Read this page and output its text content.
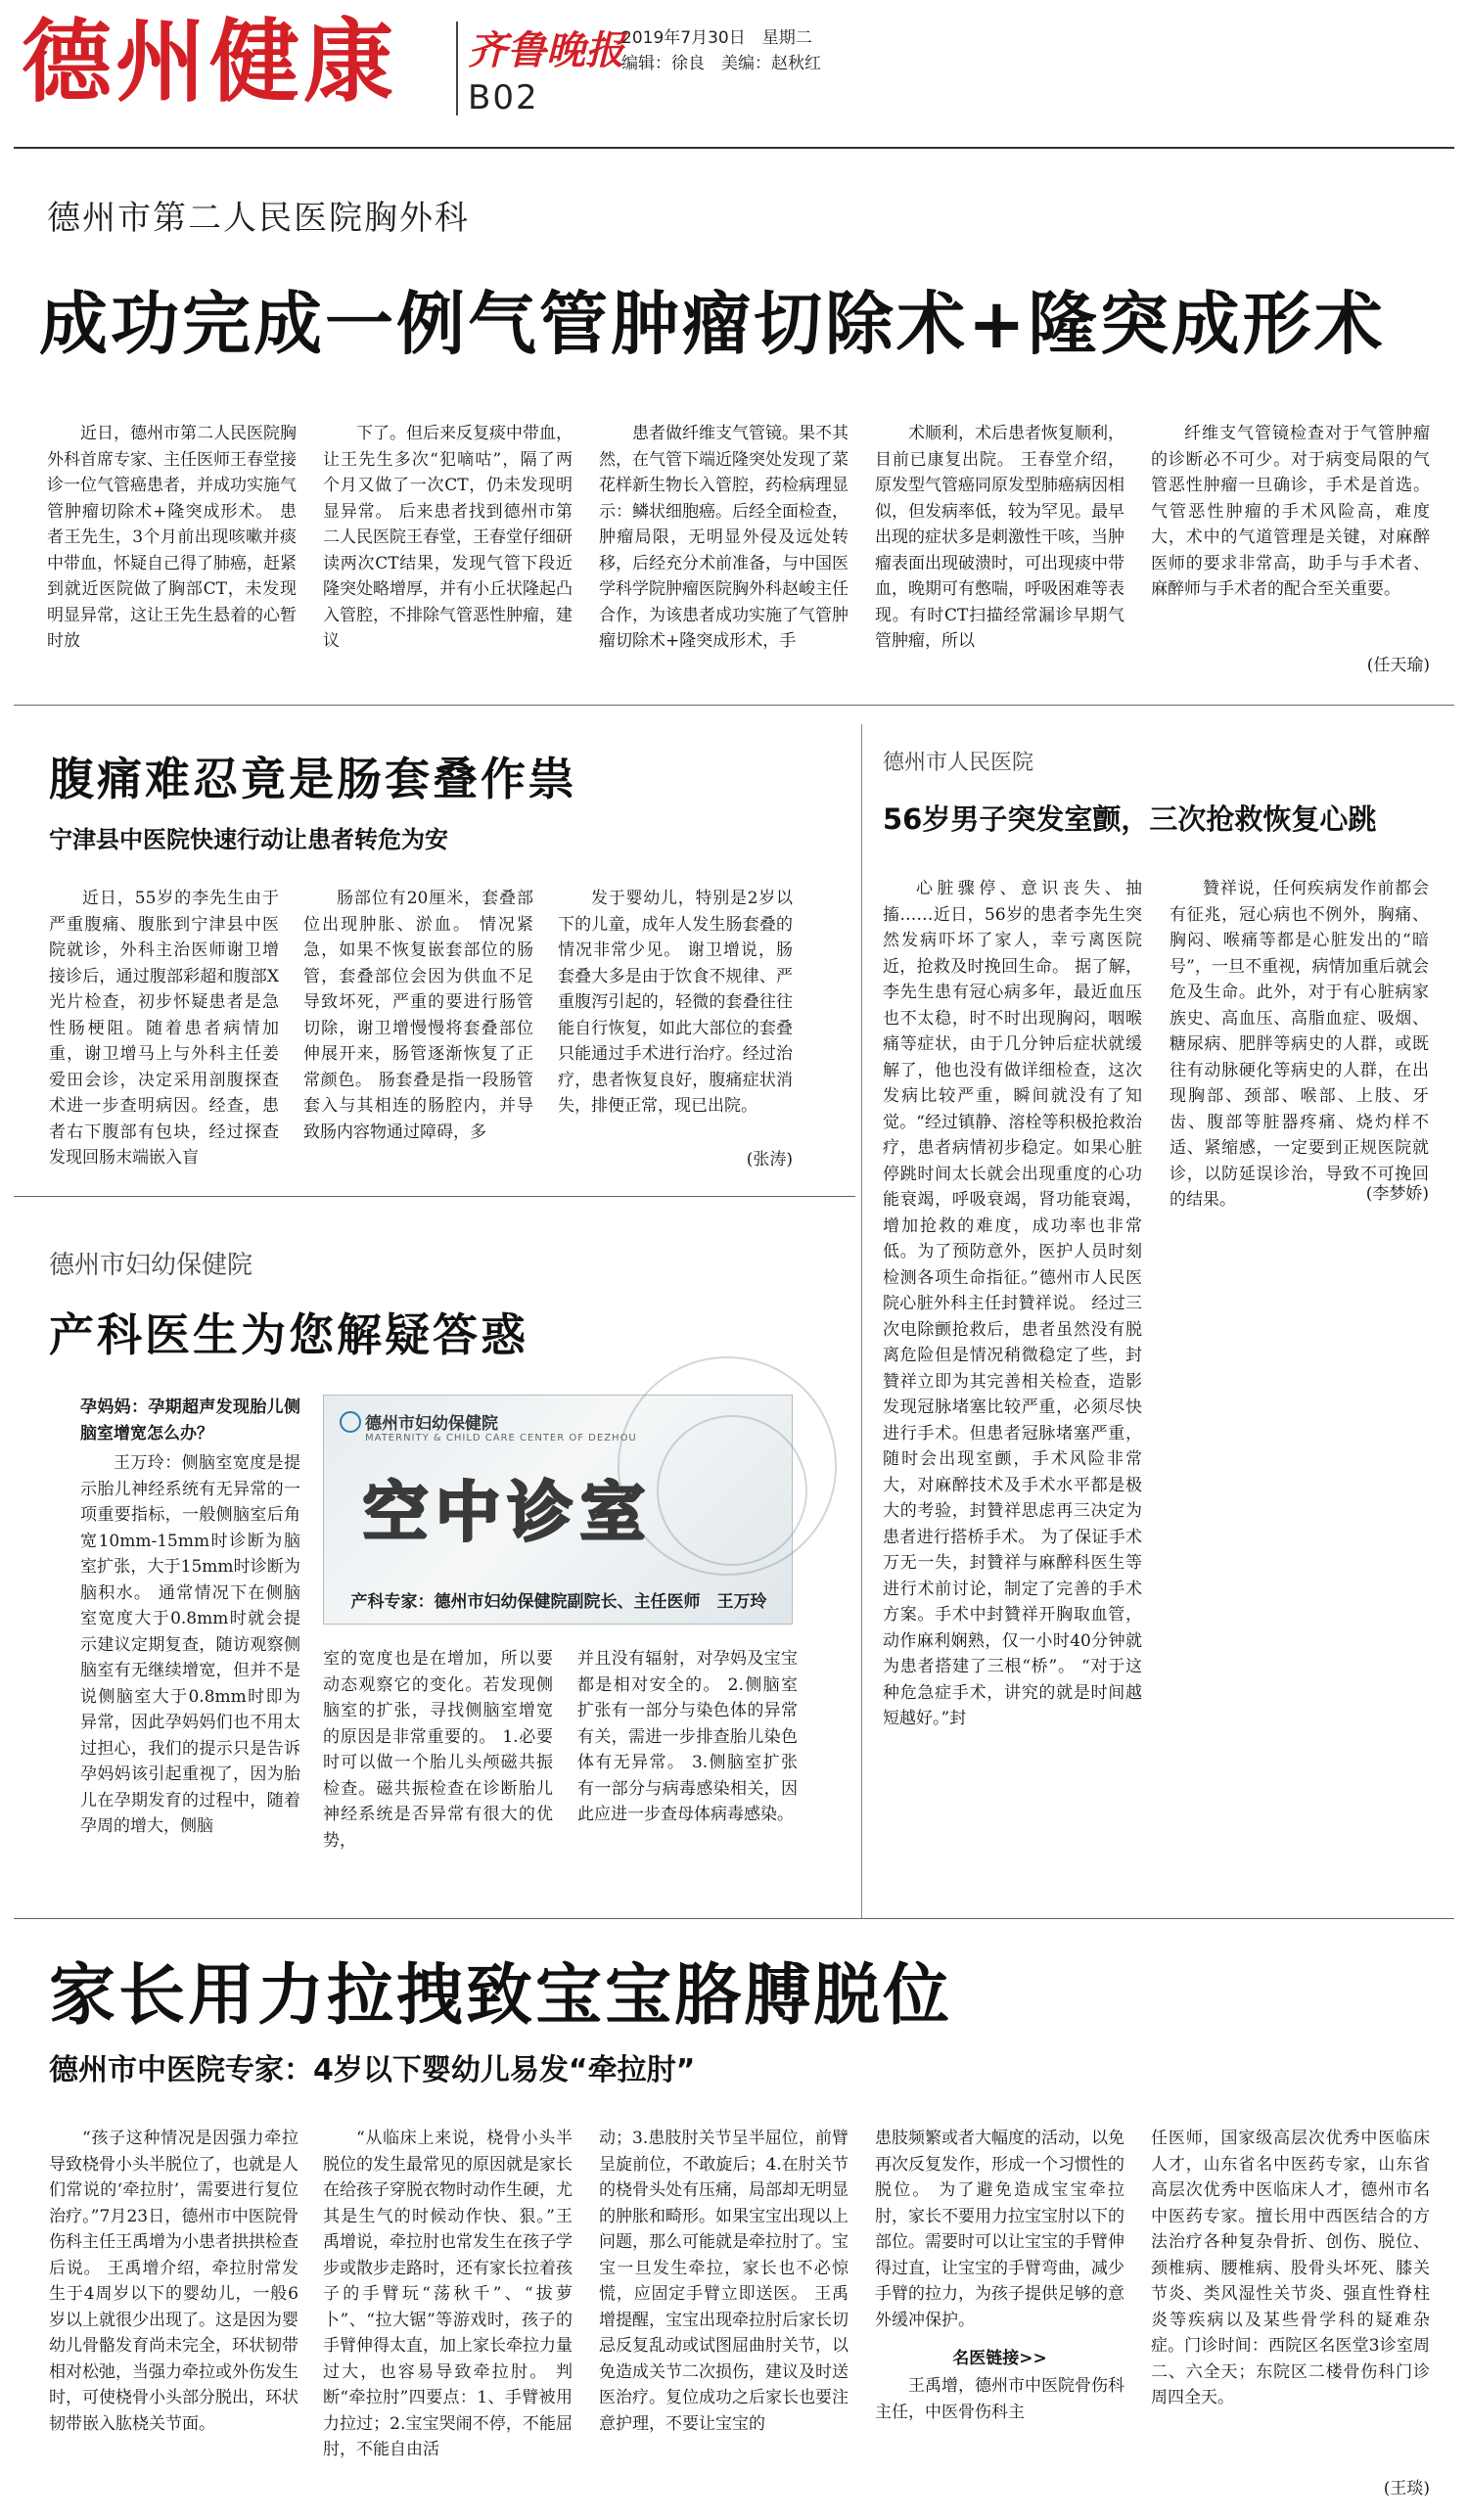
德州健康 齐鲁晚报
B02
2019年7月30日　星期二
编辑：徐良　美编：赵秋红
德州市第二人民医院胸外科
成功完成一例气管肿瘤切除术+隆突成形术
近日，德州市第二人民医院胸外科首席专家、主任医师王春堂接诊一位气管癌患者，并成功实施气管肿瘤切除术+隆突成形术。 患者王先生，3个月前出现咳嗽并痰中带血，怀疑自己得了肺癌，赶紧到就近医院做了胸部CT，未发现明显异常，这让王先生悬着的心暂时放
下了。但后来反复痰中带血，让王先生多次“犯嘀咕”，隔了两个月又做了一次CT，仍未发现明显异常。 后来患者找到德州市第二人民医院王春堂，王春堂仔细研读两次CT结果，发现气管下段近隆突处略增厚，并有小丘状隆起凸入管腔，不排除气管恶性肿瘤，建议
患者做纤维支气管镜。果不其然，在气管下端近隆突处发现了菜花样新生物长入管腔，药检病理显示：鳞状细胞癌。后经全面检查，肿瘤局限，无明显外侵及远处转移，后经充分术前准备，与中国医学科学院肿瘤医院胸外科赵峻主任合作，为该患者成功实施了气管肿瘤切除术+隆突成形术，手
术顺利，术后患者恢复顺利，目前已康复出院。 王春堂介绍，原发型气管癌同原发型肺癌病因相似，但发病率低，较为罕见。最早出现的症状多是刺激性干咳，当肿瘤表面出现破溃时，可出现痰中带血，晚期可有憋喘，呼吸困难等表现。有时CT扫描经常漏诊早期气管肿瘤，所以
纤维支气管镜检查对于气管肿瘤的诊断必不可少。对于病变局限的气管恶性肿瘤一旦确诊，手术是首选。 气管恶性肿瘤的手术风险高，难度大，术中的气道管理是关键，对麻醉医师的要求非常高，助手与手术者、麻醉师与手术者的配合至关重要。
(任天瑜)
腹痛难忍竟是肠套叠作祟
宁津县中医院快速行动让患者转危为安
近日，55岁的李先生由于严重腹痛、腹胀到宁津县中医院就诊，外科主治医师谢卫增接诊后，通过腹部彩超和腹部X光片检查，初步怀疑患者是急性肠梗阻。随着患者病情加重，谢卫增马上与外科主任姜爱田会诊，决定采用剖腹探查术进一步查明病因。经查，患者右下腹部有包块，经过探查发现回肠末端嵌入盲
肠部位有20厘米，套叠部位出现肿胀、淤血。 情况紧急，如果不恢复嵌套部位的肠管，套叠部位会因为供血不足导致坏死，严重的要进行肠管切除，谢卫增慢慢将套叠部位伸展开来，肠管逐渐恢复了正常颜色。 肠套叠是指一段肠管套入与其相连的肠腔内，并导致肠内容物通过障碍，多
发于婴幼儿，特别是2岁以下的儿童，成年人发生肠套叠的情况非常少见。 谢卫增说，肠套叠大多是由于饮食不规律、严重腹泻引起的，轻微的套叠往往能自行恢复，如此大部位的套叠只能通过手术进行治疗。经过治疗，患者恢复良好，腹痛症状消失，排便正常，现已出院。
(张涛)
德州市人民医院
56岁男子突发室颤，三次抢救恢复心跳
心脏骤停、意识丧失、抽搐……近日，56岁的患者李先生突然发病吓坏了家人，幸亏离医院近，抢救及时挽回生命。 据了解，李先生患有冠心病多年，最近血压也不太稳，时不时出现胸闷，咽喉痛等症状，由于几分钟后症状就缓解了，他也没有做详细检查，这次发病比较严重，瞬间就没有了知觉。“经过镇静、溶栓等积极抢救治疗，患者病情初步稳定。如果心脏停跳时间太长就会出现重度的心功能衰竭，呼吸衰竭，肾功能衰竭，增加抢救的难度，成功率也非常低。为了预防意外，医护人员时刻检测各项生命指征。”德州市人民医院心脏外科主任封贊祥说。 经过三次电除颤抢救后，患者虽然没有脱离危险但是情况稍微稳定了些，封贊祥立即为其完善相关检查，造影发现冠脉堵塞比较严重，必须尽快进行手术。但患者冠脉堵塞严重，随时会出现室颤，手术风险非常大，对麻醉技术及手术水平都是极大的考验，封贊祥思虑再三决定为患者进行搭桥手术。 为了保证手术万无一失，封贊祥与麻醉科医生等进行术前讨论，制定了完善的手术方案。手术中封贊祥开胸取血管，动作麻利娴熟，仅一小时40分钟就为患者搭建了三根“桥”。 “对于这种危急症手术，讲究的就是时间越短越好。”封
贊祥说，任何疾病发作前都会有征兆，冠心病也不例外，胸痛、胸闷、喉痛等都是心脏发出的“暗号”，一旦不重视，病情加重后就会危及生命。此外，对于有心脏病家族史、高血压、高脂血症、吸烟、糖尿病、肥胖等病史的人群，或既往有动脉硬化等病史的人群，在出现胸部、颈部、喉部、上肢、牙齿、腹部等脏器疼痛、烧灼样不适、紧缩感，一定要到正规医院就诊，以防延误诊治，导致不可挽回的结果。	(李梦娇)
德州市妇幼保健院
产科医生为您解疑答惑
孕妈妈：孕期超声发现胎儿侧脑室增宽怎么办？
王万玲：侧脑室宽度是提示胎儿神经系统有无异常的一项重要指标，一般侧脑室后角宽10mm-15mm时诊断为脑室扩张，大于15mm时诊断为脑积水。 通常情况下在侧脑室宽度大于0.8mm时就会提示建议定期复查，随访观察侧脑室有无继续增宽，但并不是说侧脑室大于0.8mm时即为异常，因此孕妈妈们也不用太过担心，我们的提示只是告诉孕妈妈该引起重视了，因为胎儿在孕期发育的过程中，随着孕周的增大，侧脑
德州市妇幼保健院
MATERNITY & CHILD CARE CENTER OF DEZHOU
空中诊室
产科专家：德州市妇幼保健院副院长、主任医师　王万玲
室的宽度也是在增加，所以要动态观察它的变化。若发现侧脑室的扩张，寻找侧脑室增宽的原因是非常重要的。 1.必要时可以做一个胎儿头颅磁共振检查。磁共振检查在诊断胎儿神经系统是否异常有很大的优势，
并且没有辐射，对孕妈及宝宝都是相对安全的。 2.侧脑室扩张有一部分与染色体的异常有关，需进一步排查胎儿染色体有无异常。 3.侧脑室扩张有一部分与病毒感染相关，因此应进一步查母体病毒感染。
家长用力拉拽致宝宝胳膊脱位
德州市中医院专家：4岁以下婴幼儿易发“牵拉肘”
“孩子这种情况是因强力牵拉导致桡骨小头半脱位了，也就是人们常说的‘牵拉肘’，需要进行复位治疗。”7月23日，德州市中医院骨伤科主任王禹增为小患者拱拱检查后说。 王禹增介绍，牵拉肘常发生于4周岁以下的婴幼儿，一般6岁以上就很少出现了。这是因为婴幼儿骨骼发育尚未完全，环状韧带相对松弛，当强力牵拉或外伤发生时，可使桡骨小头部分脱出，环状韧带嵌入肱桡关节面。
“从临床上来说，桡骨小头半脱位的发生最常见的原因就是家长在给孩子穿脱衣物时动作生硬，尤其是生气的时候动作快、狠。”王禹增说，牵拉肘也常发生在孩子学步或散步走路时，还有家长拉着孩子的手臂玩“荡秋千”、“拔萝卜”、“拉大锯”等游戏时，孩子的手臂伸得太直，加上家长牵拉力量过大，也容易导致牵拉肘。 判断“牵拉肘”四要点：1、手臂被用力拉过；2.宝宝哭闹不停，不能屈肘，不能自由活
动；3.患肢肘关节呈半屈位，前臂呈旋前位，不敢旋后；4.在肘关节的桡骨头处有压痛，局部却无明显的肿胀和畸形。如果宝宝出现以上问题，那么可能就是牵拉肘了。宝宝一旦发生牵拉，家长也不必惊慌，应固定手臂立即送医。 王禹增提醒，宝宝出现牵拉肘后家长切忌反复乱动或试图屈曲肘关节，以免造成关节二次损伤，建议及时送医治疗。复位成功之后家长也要注意护理，不要让宝宝的
患肢频繁或者大幅度的活动，以免再次反复发作，形成一个习惯性的脱位。 为了避免造成宝宝牵拉肘，家长不要用力拉宝宝肘以下的部位。需要时可以让宝宝的手臂伸得过直，让宝宝的手臂弯曲，减少手臂的拉力，为孩子提供足够的意外缓冲保护。
名医链接>>
王禹增，德州市中医院骨伤科主任，中医骨伤科主
任医师，国家级高层次优秀中医临床人才，山东省名中医药专家，山东省高层次优秀中医临床人才，德州市名中医药专家。擅长用中西医结合的方法治疗各种复杂骨折、创伤、脱位、颈椎病、腰椎病、股骨头坏死、膝关节炎、类风湿性关节炎、强直性脊柱炎等疾病以及某些骨学科的疑难杂症。门诊时间：西院区名医堂3诊室周二、六全天；东院区二楼骨伤科门诊周四全天。
(王琰)
